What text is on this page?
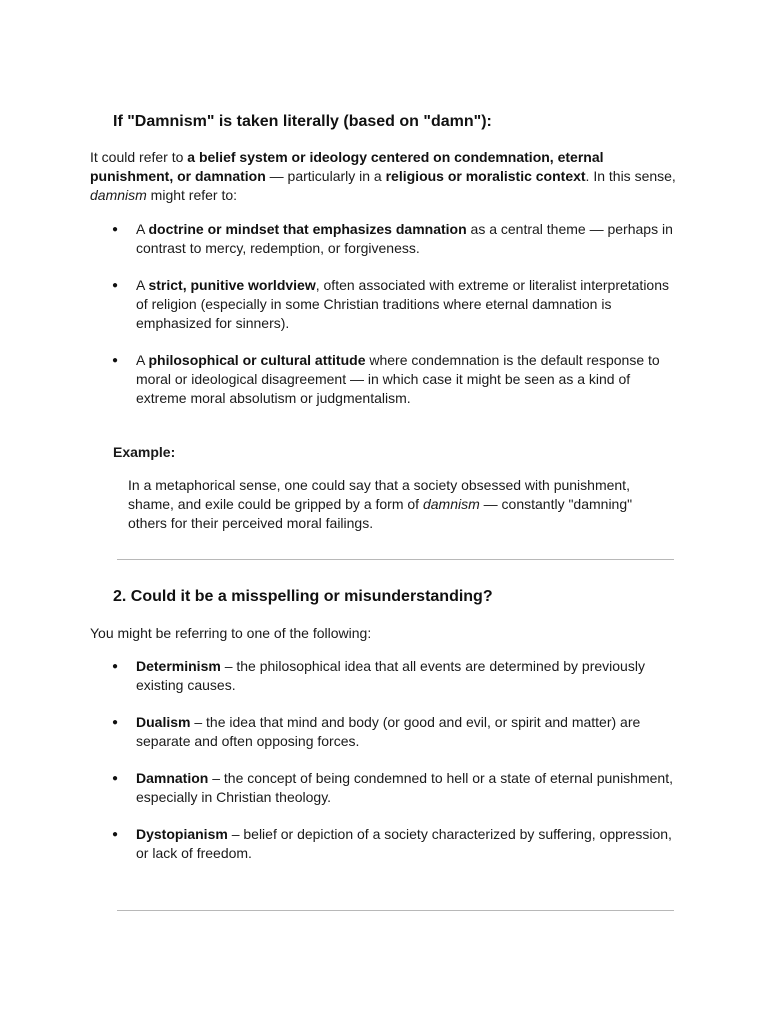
If "Damnism" is taken literally (based on "damn"):
It could refer to a belief system or ideology centered on condemnation, eternal punishment, or damnation — particularly in a religious or moralistic context. In this sense, damnism might refer to:
● A doctrine or mindset that emphasizes damnation as a central theme — perhaps in contrast to mercy, redemption, or forgiveness.
● A strict, punitive worldview, often associated with extreme or literalist interpretations of religion (especially in some Christian traditions where eternal damnation is emphasized for sinners).
● A philosophical or cultural attitude where condemnation is the default response to moral or ideological disagreement — in which case it might be seen as a kind of extreme moral absolutism or judgmentalism.
Example:
In a metaphorical sense, one could say that a society obsessed with punishment, shame, and exile could be gripped by a form of damnism — constantly "damning" others for their perceived moral failings.
2. Could it be a misspelling or misunderstanding?
You might be referring to one of the following:
● Determinism – the philosophical idea that all events are determined by previously existing causes.
● Dualism – the idea that mind and body (or good and evil, or spirit and matter) are separate and often opposing forces.
● Damnation – the concept of being condemned to hell or a state of eternal punishment, especially in Christian theology.
● Dystopianism – belief or depiction of a society characterized by suffering, oppression, or lack of freedom.
